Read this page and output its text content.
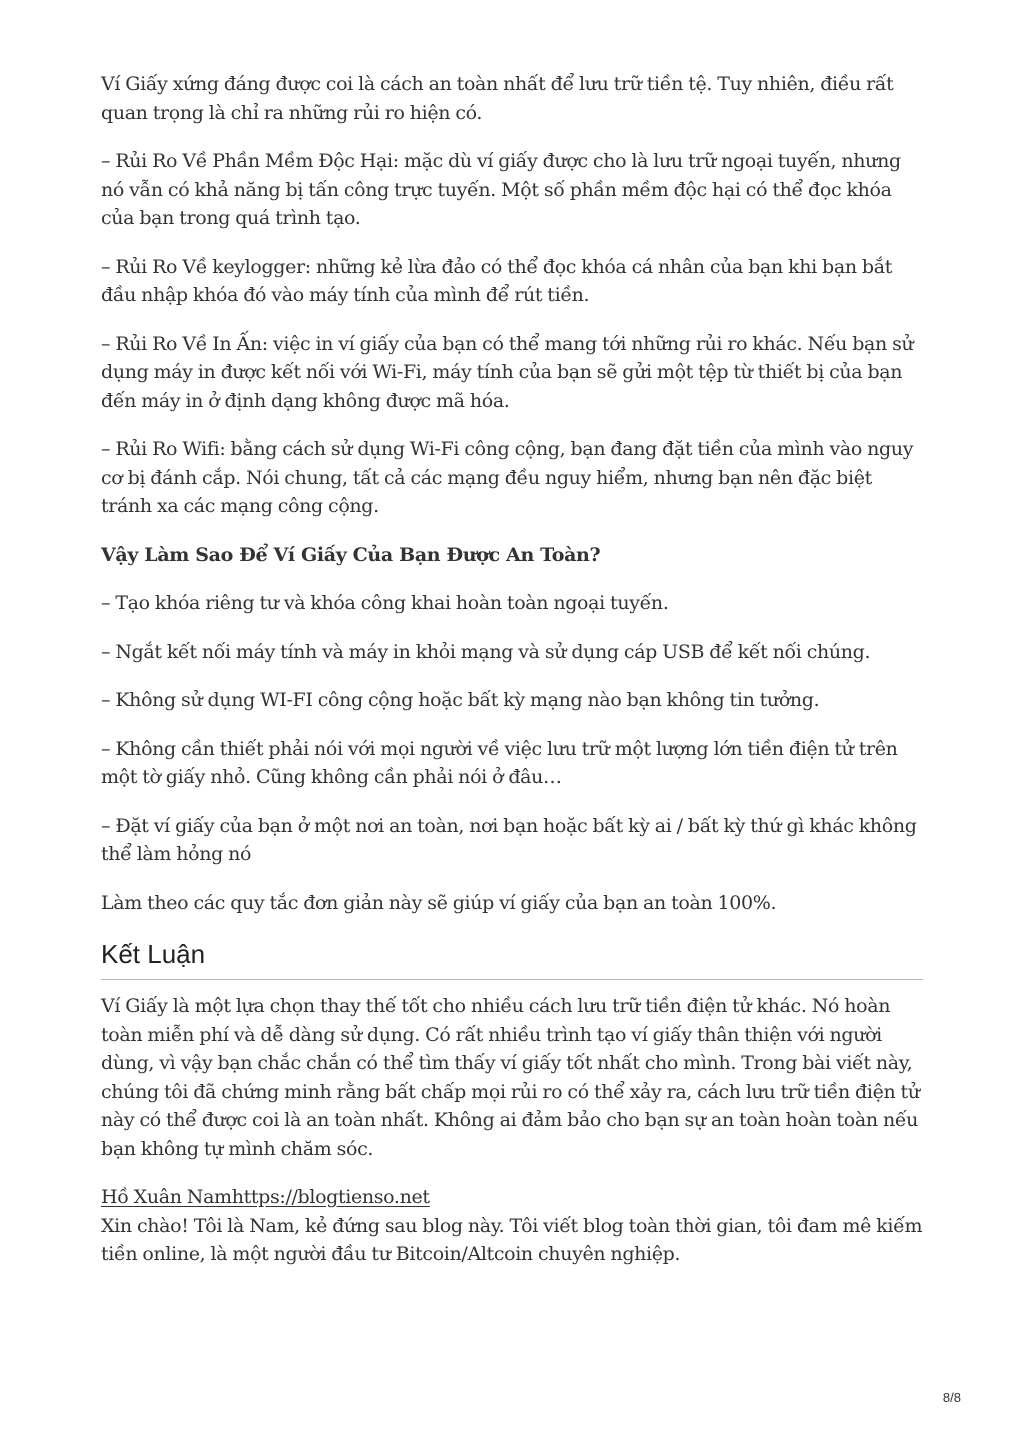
Ví Giấy xứng đáng được coi là cách an toàn nhất để lưu trữ tiền tệ. Tuy nhiên, điều rất quan trọng là chỉ ra những rủi ro hiện có.

– Rủi Ro Về Phần Mềm Độc Hại: mặc dù ví giấy được cho là lưu trữ ngoại tuyến, nhưng nó vẫn có khả năng bị tấn công trực tuyến. Một số phần mềm độc hại có thể đọc khóa của bạn trong quá trình tạo.

– Rủi Ro Về keylogger: những kẻ lừa đảo có thể đọc khóa cá nhân của bạn khi bạn bắt đầu nhập khóa đó vào máy tính của mình để rút tiền.

– Rủi Ro Về In Ấn: việc in ví giấy của bạn có thể mang tới những rủi ro khác. Nếu bạn sử dụng máy in được kết nối với Wi-Fi, máy tính của bạn sẽ gửi một tệp từ thiết bị của bạn đến máy in ở định dạng không được mã hóa.

– Rủi Ro Wifi: bằng cách sử dụng Wi-Fi công cộng, bạn đang đặt tiền của mình vào nguy cơ bị đánh cắp. Nói chung, tất cả các mạng đều nguy hiểm, nhưng bạn nên đặc biệt tránh xa các mạng công cộng.

Vậy Làm Sao Để Ví Giấy Của Bạn Được An Toàn?

– Tạo khóa riêng tư và khóa công khai hoàn toàn ngoại tuyến.

– Ngắt kết nối máy tính và máy in khỏi mạng và sử dụng cáp USB để kết nối chúng.

– Không sử dụng WI-FI công cộng hoặc bất kỳ mạng nào bạn không tin tưởng.

– Không cần thiết phải nói với mọi người về việc lưu trữ một lượng lớn tiền điện tử trên một tờ giấy nhỏ. Cũng không cần phải nói ở đâu…

– Đặt ví giấy của bạn ở một nơi an toàn, nơi bạn hoặc bất kỳ ai / bất kỳ thứ gì khác không thể làm hỏng nó

Làm theo các quy tắc đơn giản này sẽ giúp ví giấy của bạn an toàn 100%.

Kết Luận

Ví Giấy là một lựa chọn thay thế tốt cho nhiều cách lưu trữ tiền điện tử khác. Nó hoàn toàn miễn phí và dễ dàng sử dụng. Có rất nhiều trình tạo ví giấy thân thiện với người dùng, vì vậy bạn chắc chắn có thể tìm thấy ví giấy tốt nhất cho mình. Trong bài viết này, chúng tôi đã chứng minh rằng bất chấp mọi rủi ro có thể xảy ra, cách lưu trữ tiền điện tử này có thể được coi là an toàn nhất. Không ai đảm bảo cho bạn sự an toàn hoàn toàn nếu bạn không tự mình chăm sóc.

Hồ Xuân Namhttps://blogtienso.net
Xin chào! Tôi là Nam, kẻ đứng sau blog này. Tôi viết blog toàn thời gian, tôi đam mê kiếm tiền online, là một người đầu tư Bitcoin/Altcoin chuyên nghiệp.
8/8
